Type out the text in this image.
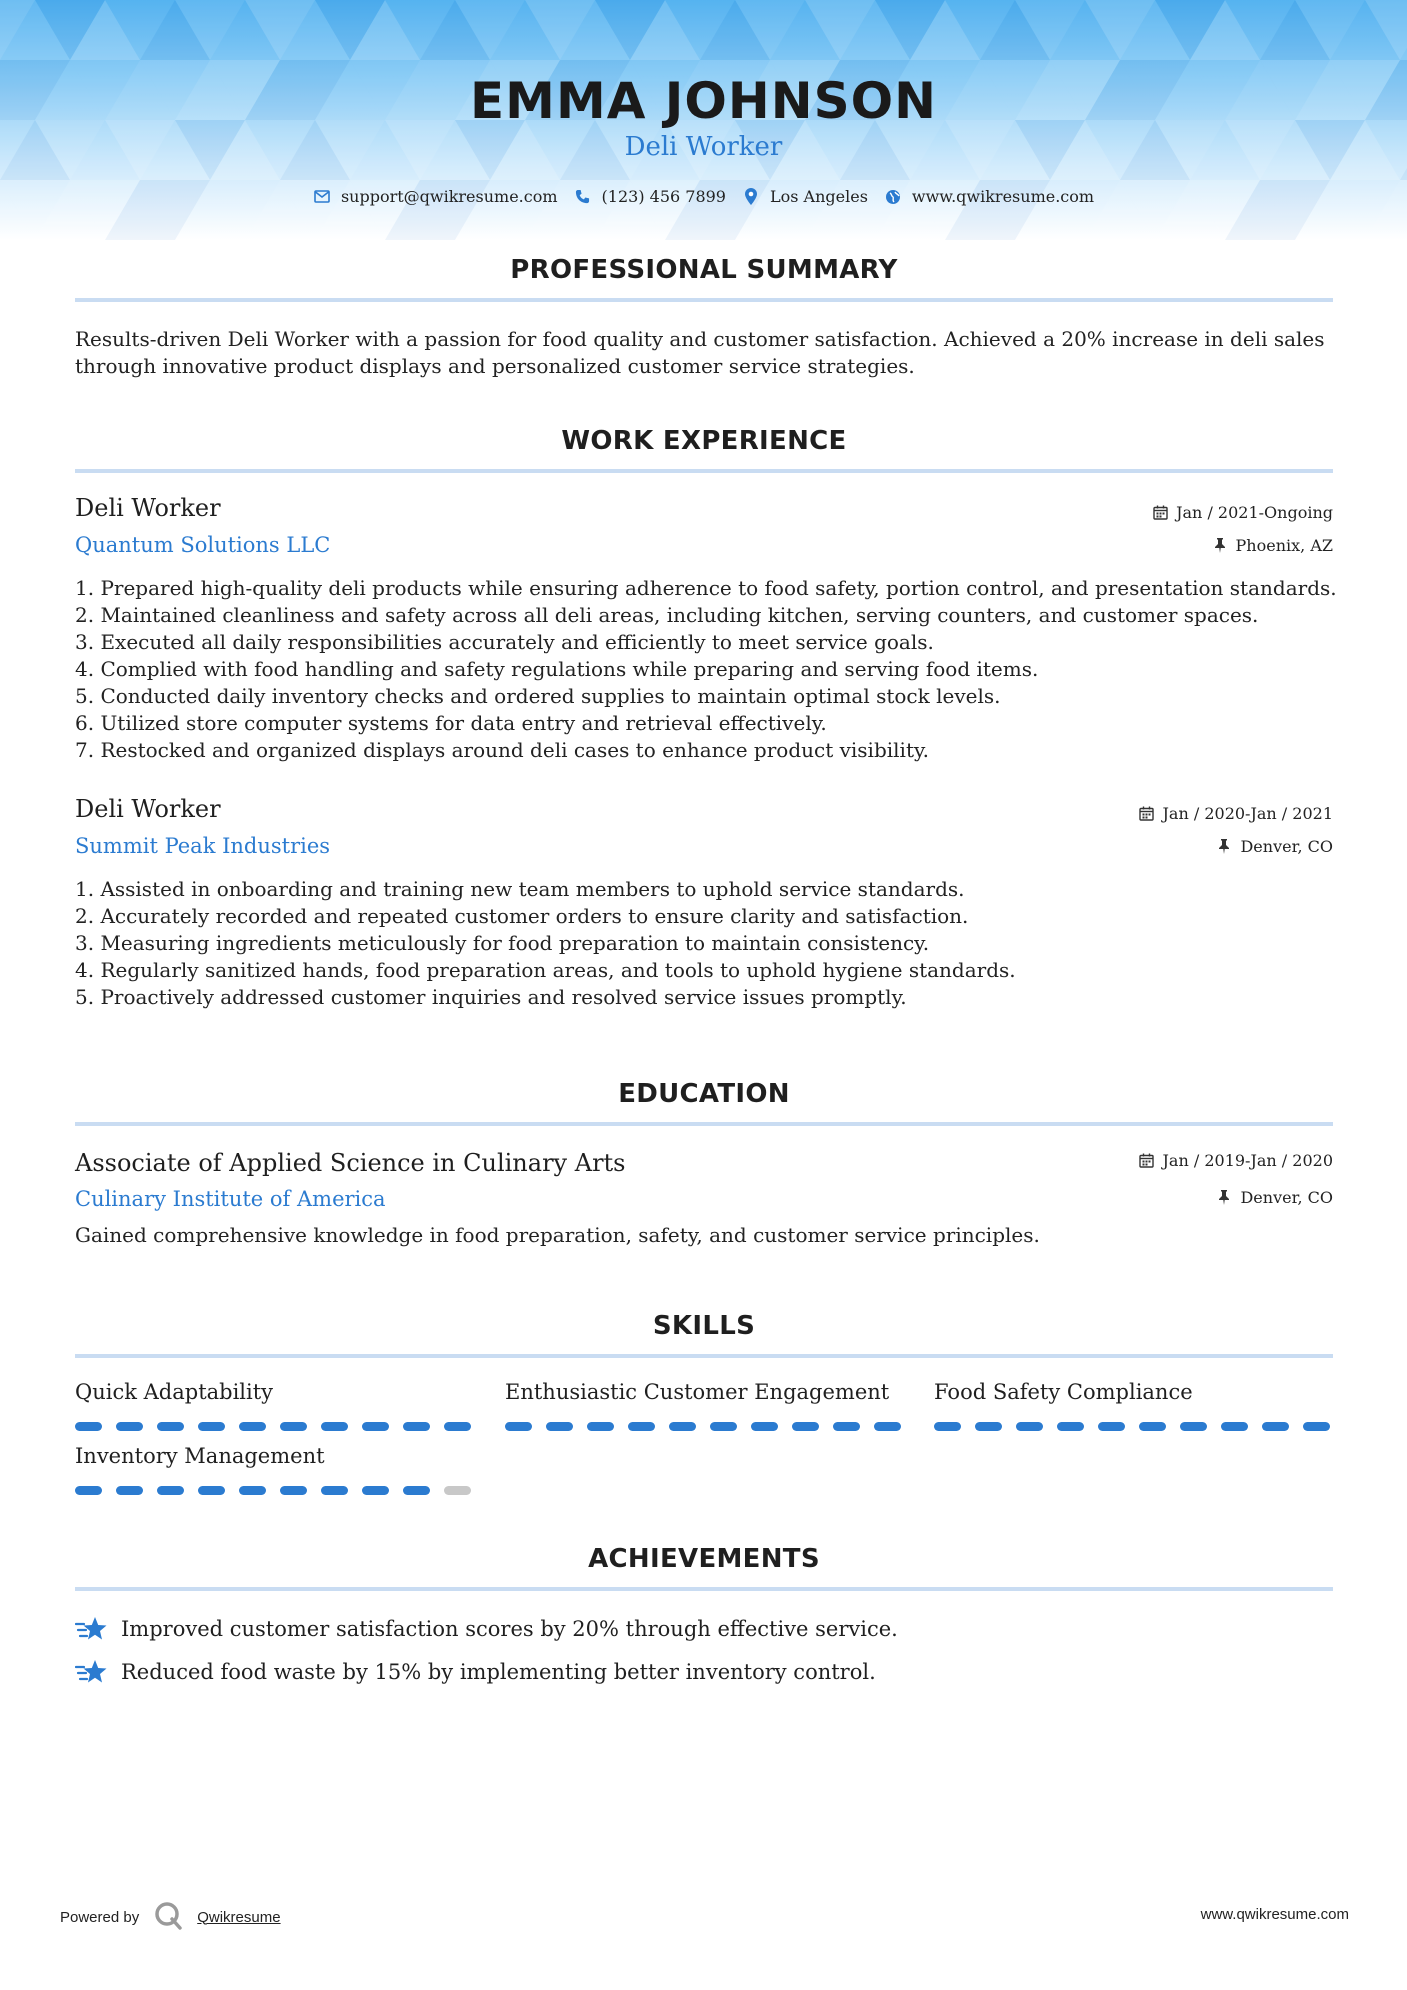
EMMA JOHNSON
Deli Worker
support@qwikresume.com	(123) 456 7899	Los Angeles	www.qwikresume.com
PROFESSIONAL SUMMARY
Results-driven Deli Worker with a passion for food quality and customer satisfaction. Achieved a 20% increase in deli sales through innovative product displays and personalized customer service strategies.
WORK EXPERIENCE
Deli Worker
Quantum Solutions LLC
Jan / 2021-Ongoing
Phoenix, AZ
1. Prepared high-quality deli products while ensuring adherence to food safety, portion control, and presentation standards.
2. Maintained cleanliness and safety across all deli areas, including kitchen, serving counters, and customer spaces.
3. Executed all daily responsibilities accurately and efficiently to meet service goals.
4. Complied with food handling and safety regulations while preparing and serving food items.
5. Conducted daily inventory checks and ordered supplies to maintain optimal stock levels.
6. Utilized store computer systems for data entry and retrieval effectively.
7. Restocked and organized displays around deli cases to enhance product visibility.
Deli Worker
Summit Peak Industries
Jan / 2020-Jan / 2021
Denver, CO
1. Assisted in onboarding and training new team members to uphold service standards.
2. Accurately recorded and repeated customer orders to ensure clarity and satisfaction.
3. Measuring ingredients meticulously for food preparation to maintain consistency.
4. Regularly sanitized hands, food preparation areas, and tools to uphold hygiene standards.
5. Proactively addressed customer inquiries and resolved service issues promptly.
EDUCATION
Associate of Applied Science in Culinary Arts
Culinary Institute of America
Jan / 2019-Jan / 2020
Denver, CO
Gained comprehensive knowledge in food preparation, safety, and customer service principles.
SKILLS
Quick Adaptability	Enthusiastic Customer Engagement	Food Safety Compliance
Inventory Management
ACHIEVEMENTS
Improved customer satisfaction scores by 20% through effective service.
Reduced food waste by 15% by implementing better inventory control.
Powered by	Qwikresume	www.qwikresume.com
